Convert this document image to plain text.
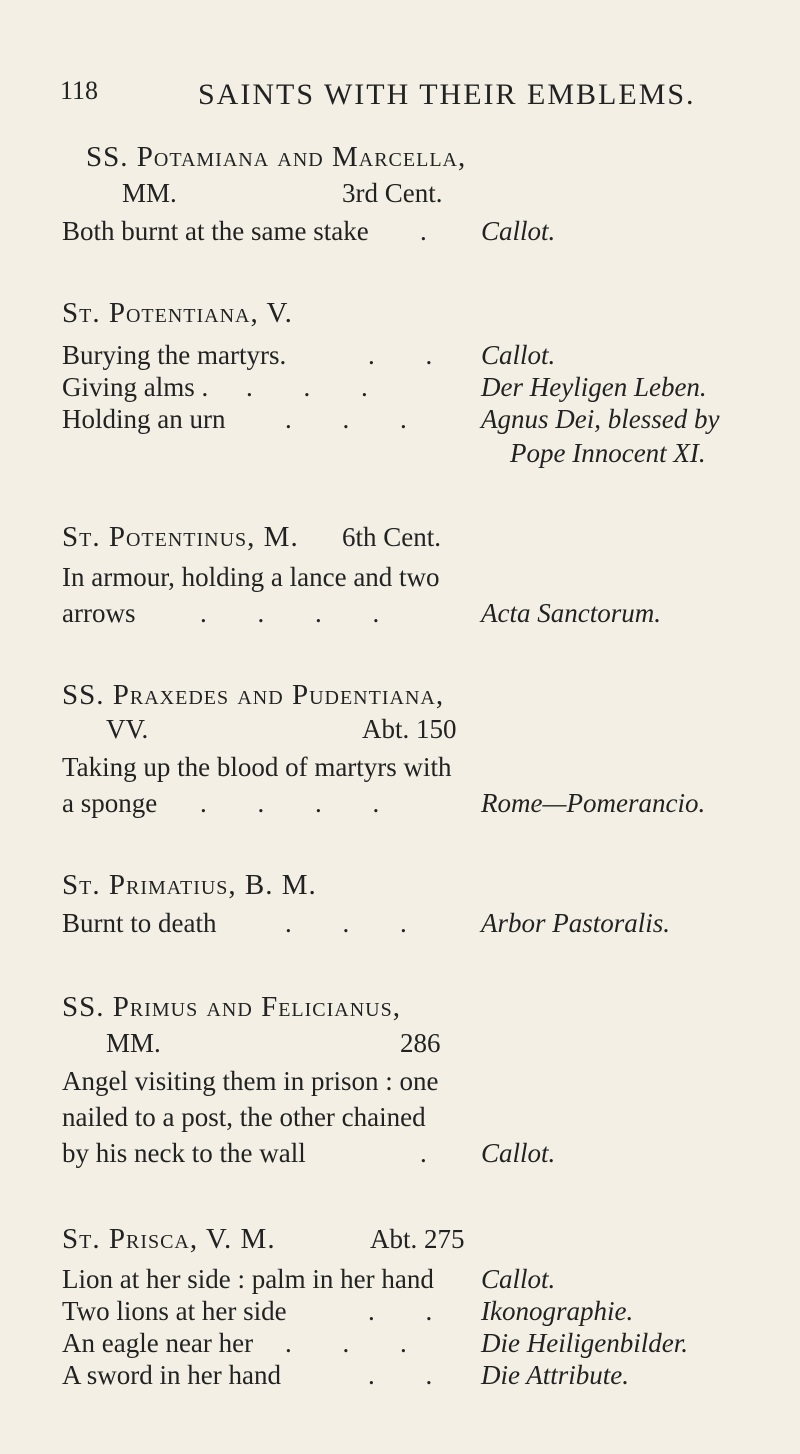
118	SAINTS WITH THEIR EMBLEMS.
SS. Potamiana and Marcella,
MM.	3rd Cent.
Both burnt at the same stake . Callot.
St. Potentiana, V.
Burying the martyrs.	. . Callot.
Giving alms . . . .	Der Heyligen Leben.
Holding an urn . . . Agnus Dei, blessed by
Pope Innocent XI.
St. Potentinus, M. 6th Cent.
In armour, holding a lance and two
arrows . . . .	Acta Sanctorum.
SS. Praxedes and Pudentiana,
VV.	Abt. 150
Taking up the blood of martyrs with
a sponge . . . .	Rome—Pomerancio.
St. Primatius, B. M.
Burnt to death	. . . Arbor Pastoralis.
SS. Primus and Felicianus,
MM.	286
Angel visiting them in prison : one
nailed to a post, the other chained
by his neck to the wall	. Callot.
St. Prisca, V. M.	Abt. 275
Lion at her side : palm in her hand Callot.
Two lions at her side	. . Ikonographie.
An eagle near her . . . Die Heiligenbilder.
A sword in her hand	. . Die Attribute.
